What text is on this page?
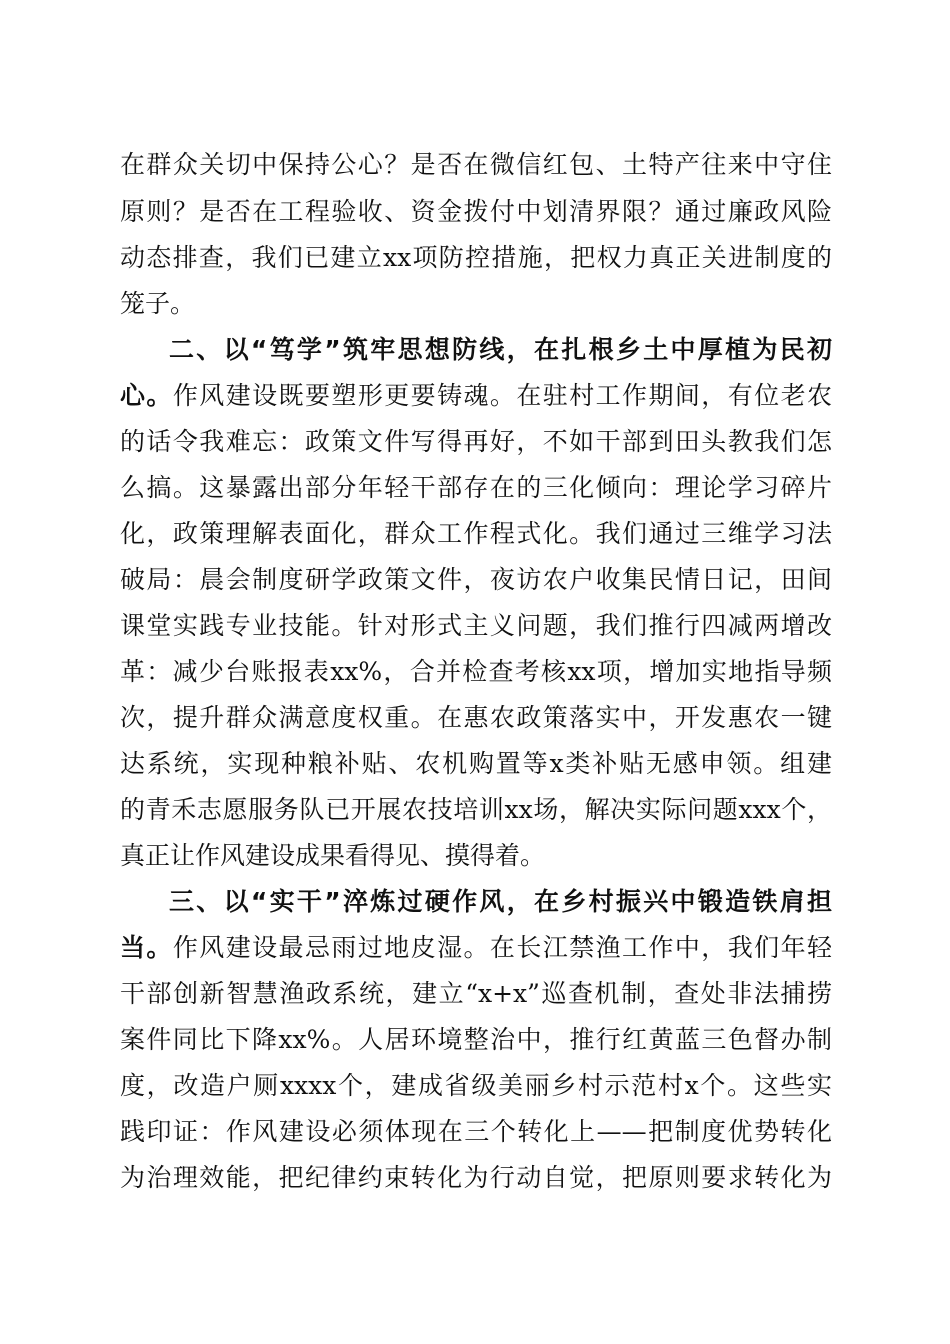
在群众关切中保持公心？是否在微信红包、土特产往来中守住
原则？是否在工程验收、资金拨付中划清界限？通过廉政风险
动态排查，我们已建立xx项防控措施，把权力真正关进制度的
笼子。
二、以“笃学”筑牢思想防线，在扎根乡土中厚植为民初
心。作风建设既要塑形更要铸魂。在驻村工作期间，有位老农
的话令我难忘：政策文件写得再好，不如干部到田头教我们怎
么搞。这暴露出部分年轻干部存在的三化倾向：理论学习碎片
化，政策理解表面化，群众工作程式化。我们通过三维学习法
破局：晨会制度研学政策文件，夜访农户收集民情日记，田间
课堂实践专业技能。针对形式主义问题，我们推行四减两增改
革：减少台账报表xx%，合并检查考核xx项，增加实地指导频
次，提升群众满意度权重。在惠农政策落实中，开发惠农一键
达系统，实现种粮补贴、农机购置等x类补贴无感申领。组建
的青禾志愿服务队已开展农技培训xx场，解决实际问题xxx个，
真正让作风建设成果看得见、摸得着。
三、以“实干”淬炼过硬作风，在乡村振兴中锻造铁肩担
当。作风建设最忌雨过地皮湿。在长江禁渔工作中，我们年轻
干部创新智慧渔政系统，建立“x+x”巡查机制，查处非法捕捞
案件同比下降xx%。人居环境整治中，推行红黄蓝三色督办制
度，改造户厕xxxx个，建成省级美丽乡村示范村x个。这些实
践印证：作风建设必须体现在三个转化上——把制度优势转化
为治理效能，把纪律约束转化为行动自觉，把原则要求转化为
